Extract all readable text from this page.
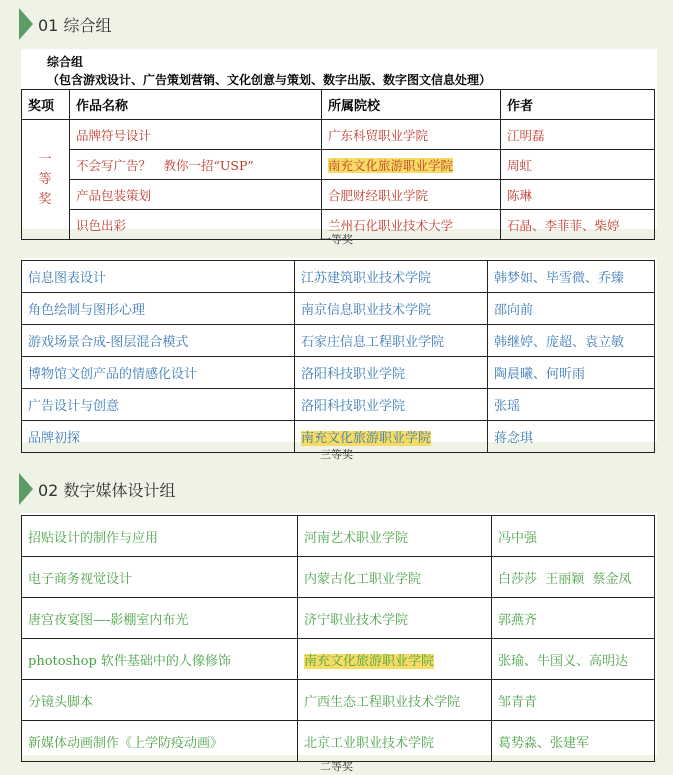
01 综合组
综合组
（包含游戏设计、广告策划营销、文化创意与策划、数字出版、数字图文信息处理）
奖项	作品名称	所属院校	作者
一等奖	品牌符号设计	广东科贸职业学院	江明磊
	不会写广告？　教你一招“USP”	南充文化旅游职业学院	周虹
	产品包装策划	合肥财经职业学院	陈琳
	识色出彩	兰州石化职业技术大学	石晶、李菲菲、柴婷
一等奖
信息图表设计	江苏建筑职业技术学院	韩梦如、毕雪微、乔臻
角色绘制与图形心理	南京信息职业技术学院	邵向前
游戏场景合成-图层混合模式	石家庄信息工程职业学院	韩继婷、庞超、袁立敏
博物馆文创产品的情感化设计	洛阳科技职业学院	陶晨曦、何昕雨
广告设计与创意	洛阳科技职业学院	张瑶
品牌初探	南充文化旅游职业学院	蒋念琪
三等奖
02 数字媒体设计组
招贴设计的制作与应用	河南艺术职业学院	冯中强
电子商务视觉设计	内蒙古化工职业学院	白莎莎  王丽颖  蔡金凤
唐宫夜宴图—-影棚室内布光	济宁职业技术学院	郭燕齐
photoshop 软件基础中的人像修饰	南充文化旅游职业学院	张瑜、牛国义、高明达
分镜头脚本	广西生态工程职业技术学院	邹青青
新媒体动画制作《上学防疫动画》	北京工业职业技术学院	葛势淼、张建军
二等奖
